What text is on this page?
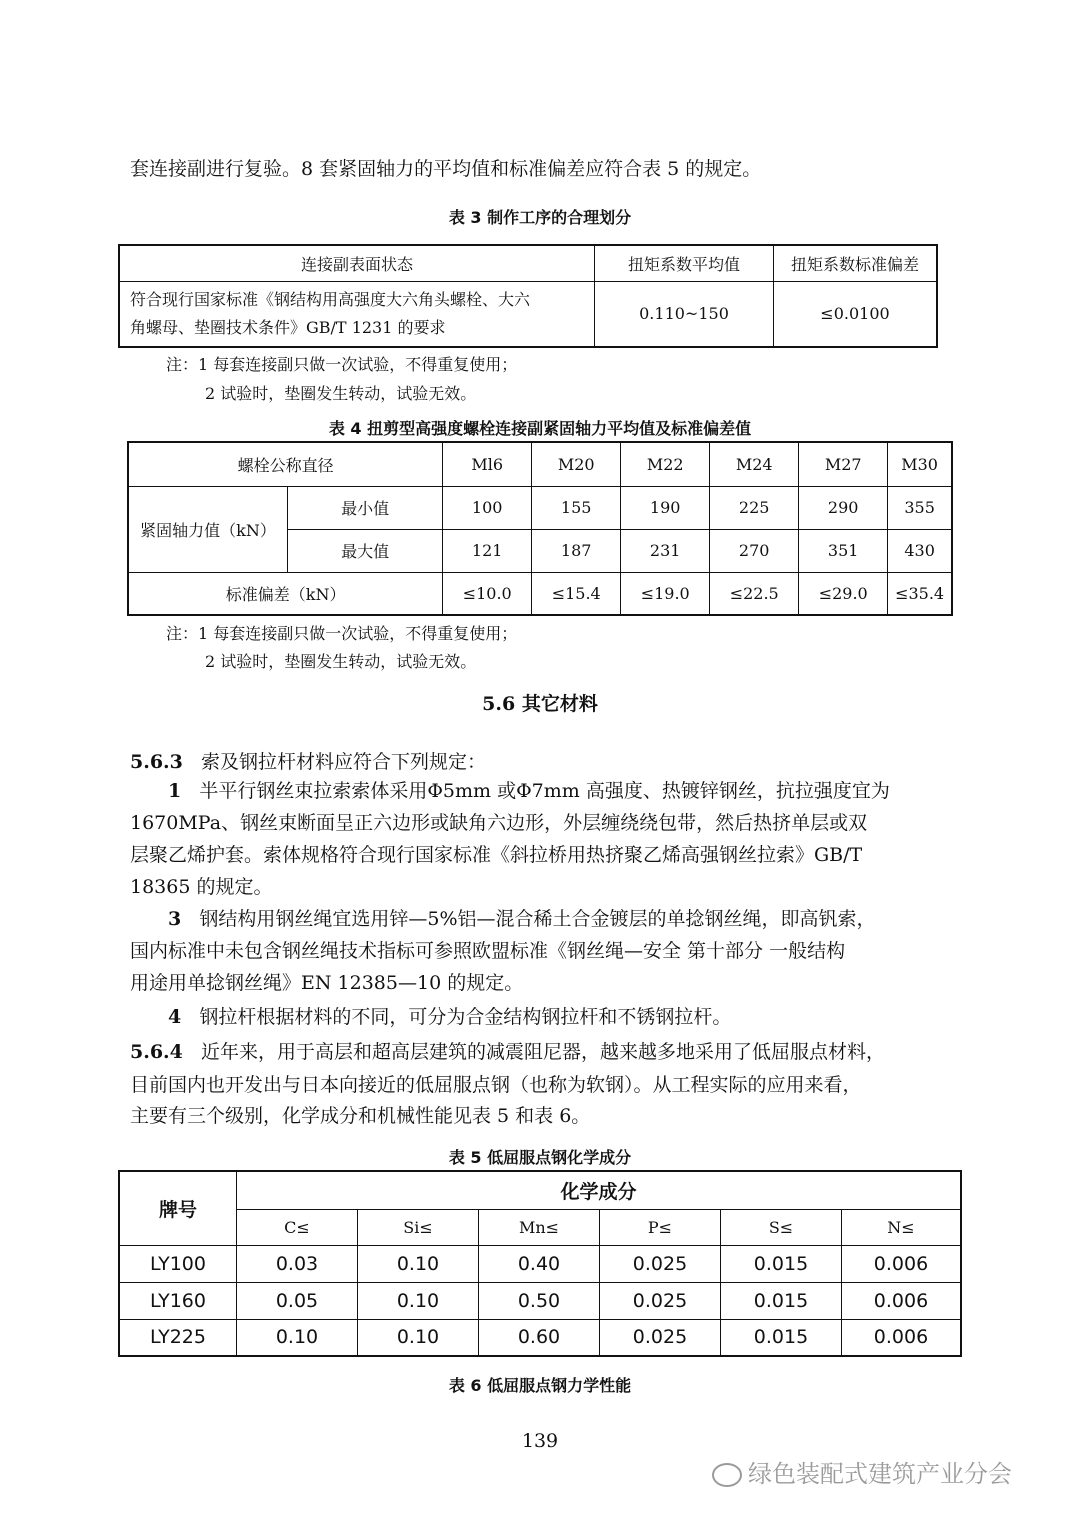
套连接副进行复验。8 套紧固轴力的平均值和标准偏差应符合表 5 的规定。
表 3 制作工序的合理划分
连接副表面状态	扭矩系数平均值	扭矩系数标准偏差

符合现行国家标准《钢结构用高强度大六角头螺栓、大六
角螺母、垫圈技术条件》GB/T 1231 的要求	0.110~150	≤0.0100
注：1 每套连接副只做一次试验，不得重复使用；
2 试验时，垫圈发生转动，试验无效。
表 4 扭剪型高强度螺栓连接副紧固轴力平均值及标准偏差值
螺栓公称直径		Ml6	M20	M22	M24	M27	M30
紧固轴力值（kN）	最小值	100	155	190	225	290	355
	最大值	121	187	231	270	351	430
标准偏差（kN）		≤10.0	≤15.4	≤19.0	≤22.5	≤29.0	≤35.4
注：1 每套连接副只做一次试验，不得重复使用；
2 试验时，垫圈发生转动，试验无效。
5.6 其它材料
5.6.3 索及钢拉杆材料应符合下列规定：
1 半平行钢丝束拉索索体采用Φ5mm 或Φ7mm 高强度、热镀锌钢丝，抗拉强度宜为
1670MPa、钢丝束断面呈正六边形或缺角六边形，外层缠绕绕包带，然后热挤单层或双
层聚乙烯护套。索体规格符合现行国家标准《斜拉桥用热挤聚乙烯高强钢丝拉索》GB/T
18365 的规定。
3 钢结构用钢丝绳宜选用锌—5%铝—混合稀土合金镀层的单捻钢丝绳，即高钒索，
国内标准中未包含钢丝绳技术指标可参照欧盟标准《钢丝绳—安全 第十部分 一般结构
用途用单捻钢丝绳》EN 12385—10 的规定。
4 钢拉杆根据材料的不同，可分为合金结构钢拉杆和不锈钢拉杆。
5.6.4 近年来，用于高层和超高层建筑的减震阻尼器，越来越多地采用了低屈服点材料，
目前国内也开发出与日本向接近的低屈服点钢（也称为软钢）。从工程实际的应用来看，
主要有三个级别，化学成分和机械性能见表 5 和表 6。
表 5 低屈服点钢化学成分
牌号	化学成分					
	C≤	Si≤	Mn≤	P≤	S≤	N≤
LY100	0.03	0.10	0.40	0.025	0.015	0.006
LY160	0.05	0.10	0.50	0.025	0.015	0.006
LY225	0.10	0.10	0.60	0.025	0.015	0.006
表 6 低屈服点钢力学性能
139
绿色装配式建筑产业分会
